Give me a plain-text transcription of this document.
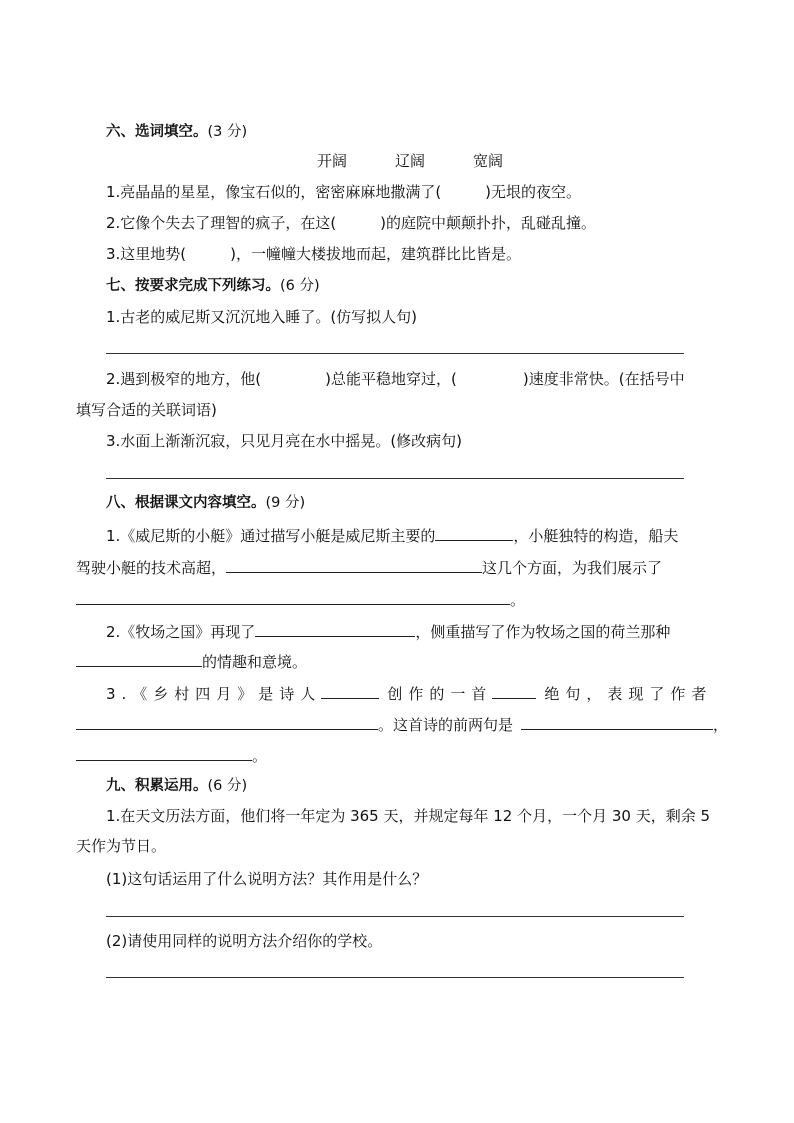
六、选词填空。(3 分)
开阔	辽阔	宽阔
1.亮晶晶的星星，像宝石似的，密密麻麻地撒满了(	)无垠的夜空。
2.它像个失去了理智的疯子，在这(	)的庭院中颠颠扑扑，乱碰乱撞。
3.这里地势(	)，一幢幢大楼拔地而起，建筑群比比皆是。
七、按要求完成下列练习。(6 分)
1.古老的威尼斯又沉沉地入睡了。(仿写拟人句)
2.遇到极窄的地方，他(	)总能平稳地穿过，(	)速度非常快。(在括号中
填写合适的关联词语)
3.水面上渐渐沉寂，只见月亮在水中摇晃。(修改病句)
八、根据课文内容填空。(9 分)
1.《威尼斯的小艇》通过描写小艇是威尼斯主要的	，小艇独特的构造，船夫
驾驶小艇的技术高超，	这几个方面，为我们展示了
。
2.《牧场之国》再现了	，侧重描写了作为牧场之国的荷兰那种
的情趣和意境。
3.《乡村四月》是诗人	创作的一首	绝句，表现了作者
。这首诗的前两句是	，
。
九、积累运用。(6 分)
1.在天文历法方面，他们将一年定为 365 天，并规定每年 12 个月，一个月 30 天，剩余 5
天作为节日。
(1)这句话运用了什么说明方法？其作用是什么？
(2)请使用同样的说明方法介绍你的学校。
